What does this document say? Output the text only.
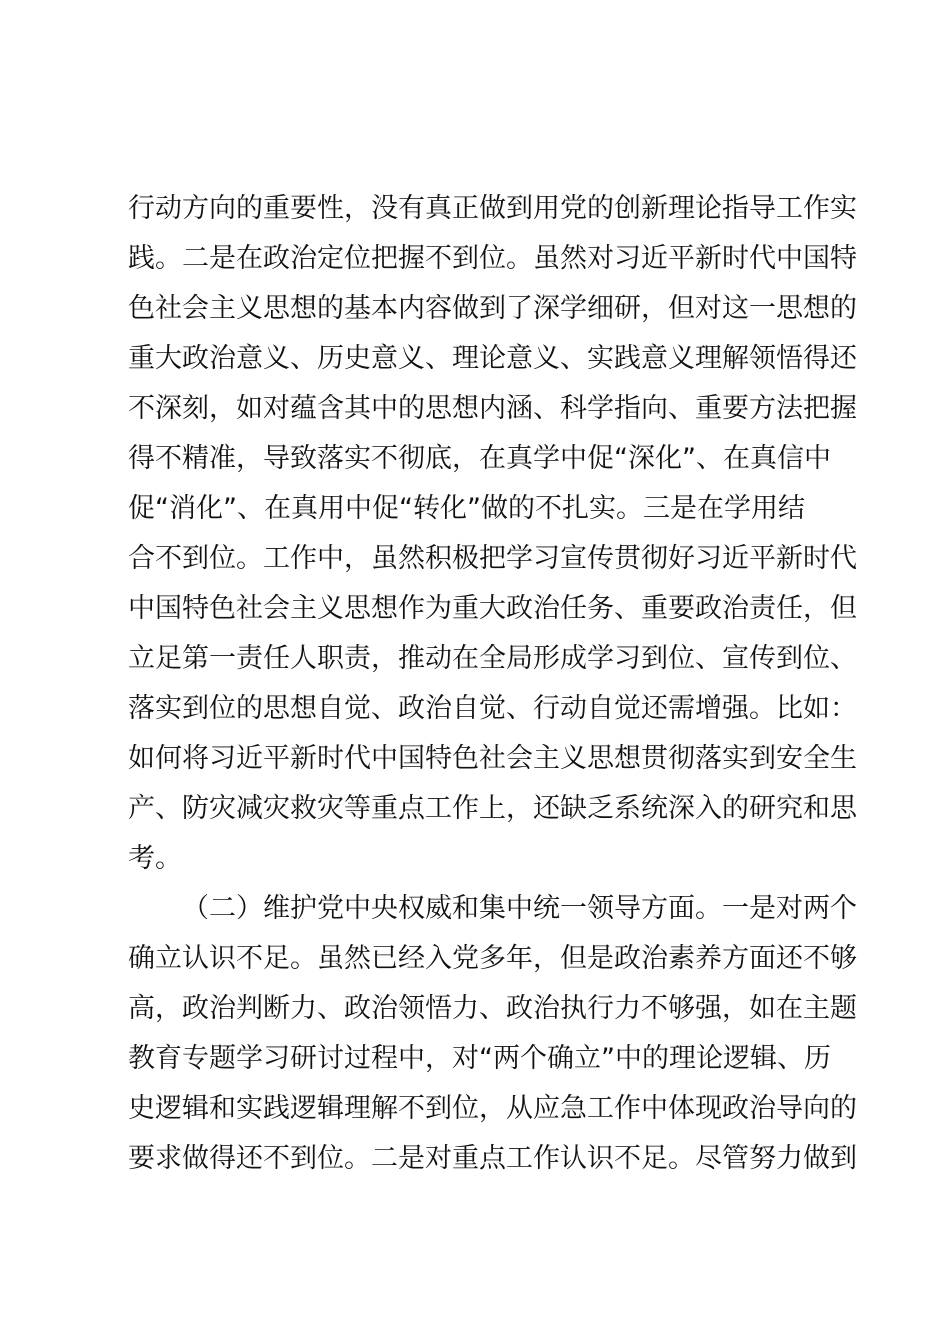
行动方向的重要性，没有真正做到用党的创新理论指导工作实
践。二是在政治定位把握不到位。虽然对习近平新时代中国特
色社会主义思想的基本内容做到了深学细研，但对这一思想的
重大政治意义、历史意义、理论意义、实践意义理解领悟得还
不深刻，如对蕴含其中的思想内涵、科学指向、重要方法把握
得不精准，导致落实不彻底，在真学中促“深化”、在真信中
促“消化”、在真用中促“转化”做的不扎实。三是在学用结
合不到位。工作中，虽然积极把学习宣传贯彻好习近平新时代
中国特色社会主义思想作为重大政治任务、重要政治责任，但
立足第一责任人职责，推动在全局形成学习到位、宣传到位、
落实到位的思想自觉、政治自觉、行动自觉还需增强。比如：
如何将习近平新时代中国特色社会主义思想贯彻落实到安全生
产、防灾减灾救灾等重点工作上，还缺乏系统深入的研究和思
考。
（二）维护党中央权威和集中统一领导方面。一是对两个
确立认识不足。虽然已经入党多年，但是政治素养方面还不够
高，政治判断力、政治领悟力、政治执行力不够强，如在主题
教育专题学习研讨过程中，对“两个确立”中的理论逻辑、历
史逻辑和实践逻辑理解不到位，从应急工作中体现政治导向的
要求做得还不到位。二是对重点工作认识不足。尽管努力做到
